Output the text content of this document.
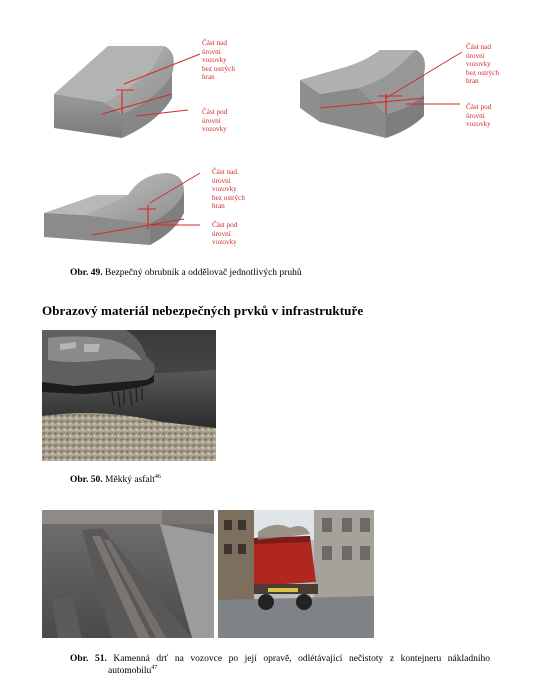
Část nad
úrovní
vozovky
bez ostrých
hran
Část pod
úrovní
vozovky
Část nad
úrovní
vozovky
bez ostrých
hran
Část pod
úrovní
vozovky
Část nad.
úrovní
vozovky
bez ostrých
hran
Část pod
úrovní
vozovky
Obr. 49. Bezpečný obrubník a oddělovač jednotlivých pruhů
Obrazový materiál nebezpečných prvků v infrastruktuře
Obr. 50. Měkký asfalt$^{46}$
Obr. 51. Kamenná drť na vozovce po její opravě, odlétávající nečistoty z kontejneru nákladního
automobilu$^{47}$
